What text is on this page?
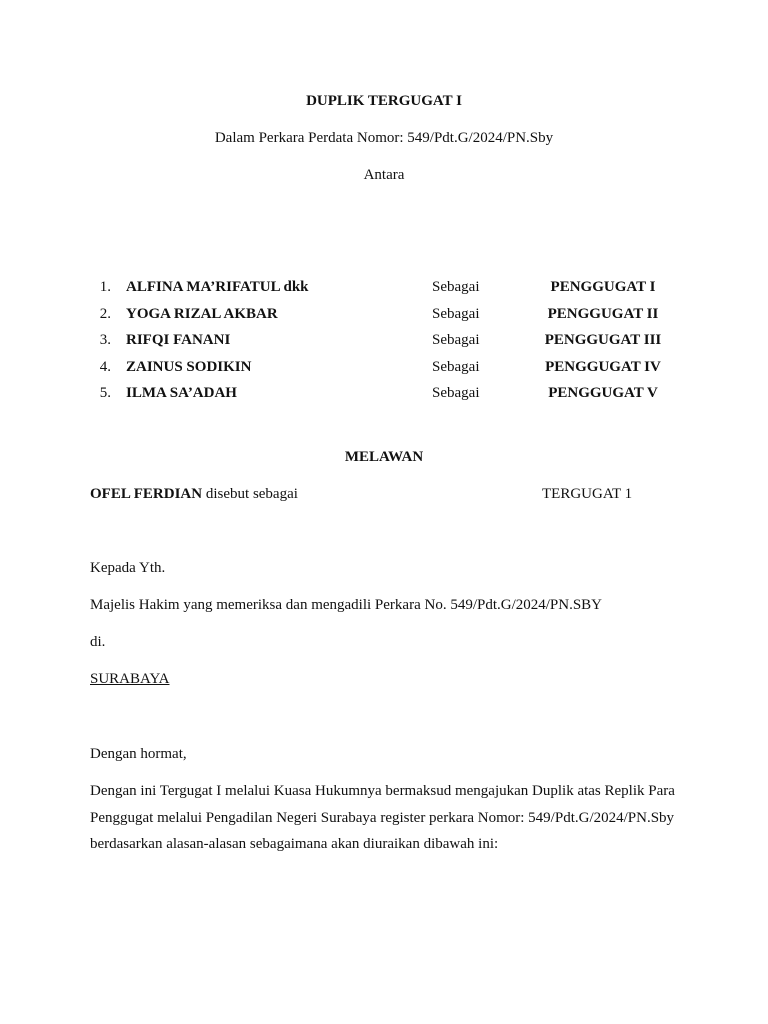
DUPLIK TERGUGAT I
Dalam Perkara Perdata Nomor: 549/Pdt.G/2024/PN.Sby
Antara
1. ALFINA MA’RIFATUL dkk	Sebagai	PENGGUGAT I
2. YOGA RIZAL AKBAR	Sebagai	PENGGUGAT II
3. RIFQI FANANI	Sebagai	PENGGUGAT III
4. ZAINUS SODIKIN	Sebagai	PENGGUGAT IV
5. ILMA SA’ADAH	Sebagai	PENGGUGAT V
MELAWAN
OFEL FERDIAN disebut sebagai	TERGUGAT 1
Kepada Yth.
Majelis Hakim yang memeriksa dan mengadili Perkara No. 549/Pdt.G/2024/PN.SBY
di.
SURABAYA
Dengan hormat,
Dengan ini Tergugat I melalui Kuasa Hukumnya bermaksud mengajukan Duplik atas Replik Para Penggugat melalui Pengadilan Negeri Surabaya register perkara Nomor: 549/Pdt.G/2024/PN.Sby berdasarkan alasan-alasan sebagaimana akan diuraikan dibawah ini:
